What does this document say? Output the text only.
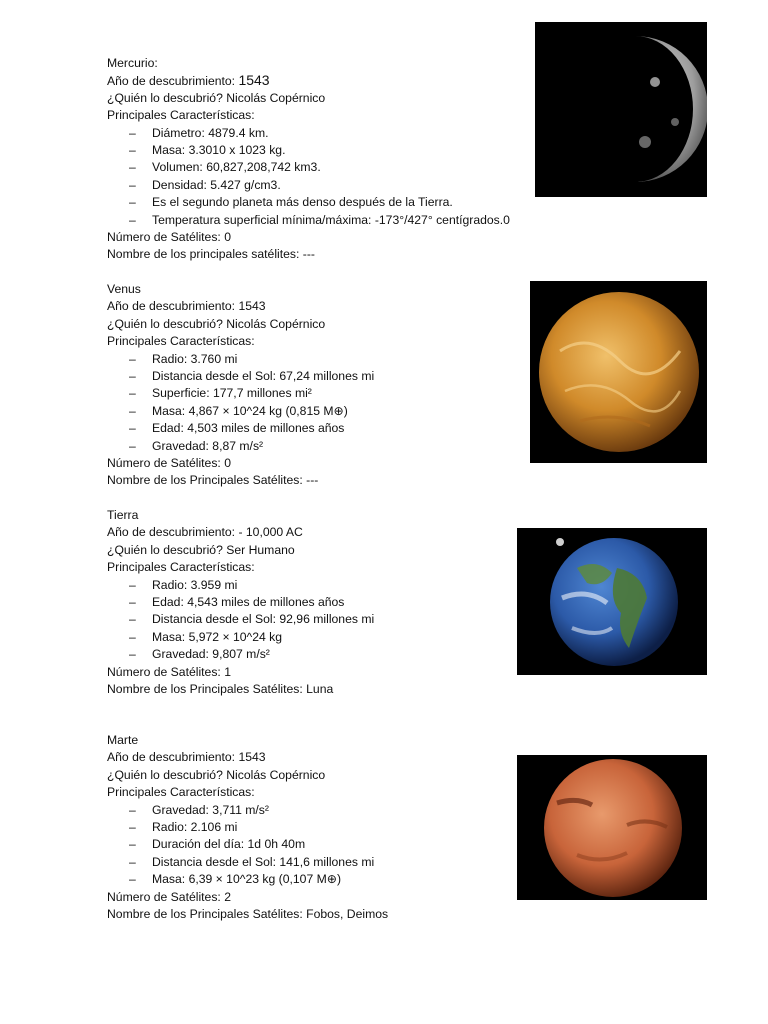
Mercurio:
Año de descubrimiento: 1543
¿Quién lo descubrió? Nicolás Copérnico
Principales Características:
– Diámetro: 4879.4 km.
– Masa: 3.3010 x 1023 kg.
– Volumen: 60,827,208,742 km3.
– Densidad: 5.427 g/cm3.
– Es el segundo planeta más denso después de la Tierra.
– Temperatura superficial mínima/máxima: -173°/427° centígrados.0
Número de Satélites: 0
Nombre de los principales satélites: ---
Venus
Año de descubrimiento: 1543
¿Quién lo descubrió? Nicolás Copérnico
Principales Características:
– Radio: 3.760 mi
– Distancia desde el Sol: 67,24 millones mi
– Superficie: 177,7 millones mi²
– Masa: 4,867 × 10^24 kg (0,815 M⊕)
– Edad: 4,503 miles de millones años
– Gravedad: 8,87 m/s²
Número de Satélites: 0
Nombre de los Principales Satélites: ---
Tierra
Año de descubrimiento: - 10,000 AC
¿Quién lo descubrió? Ser Humano
Principales Características:
– Radio: 3.959 mi
– Edad: 4,543 miles de millones años
– Distancia desde el Sol: 92,96 millones mi
– Masa: 5,972 × 10^24 kg
– Gravedad: 9,807 m/s²
Número de Satélites: 1
Nombre de los Principales Satélites: Luna
Marte
Año de descubrimiento: 1543
¿Quién lo descubrió? Nicolás Copérnico
Principales Características:
– Gravedad: 3,711 m/s²
– Radio: 2.106 mi
– Duración del día: 1d 0h 40m
– Distancia desde el Sol: 141,6 millones mi
– Masa: 6,39 × 10^23 kg (0,107 M⊕)
Número de Satélites: 2
Nombre de los Principales Satélites: Fobos, Deimos
